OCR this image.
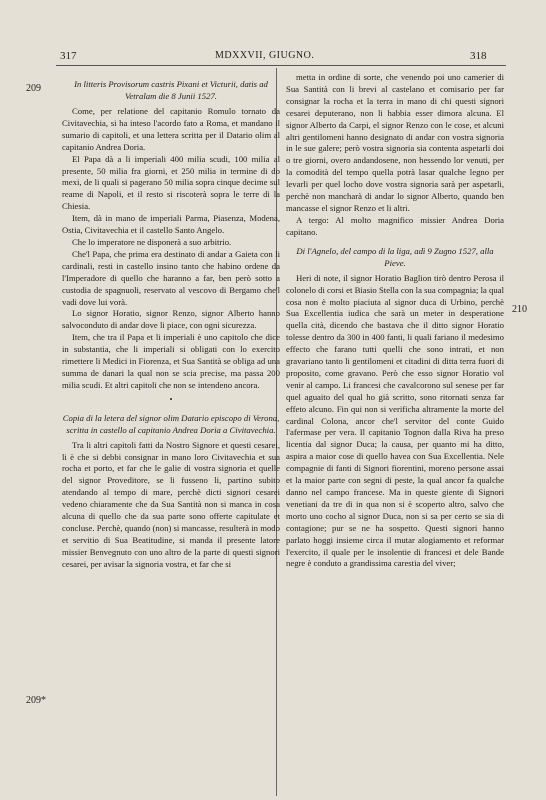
317	MDXXVII, GIUGNO.	318
209
209*
210

In litteris Provisorum castris Pixani et Victurii, datis ad Vetralam die 8 Junii 1527.

Come, per relatione del capitanio Romulo tornato da Civitavechia, si ha inteso l'acordo fato a Roma, et mandano il sumario di capitoli, et una lettera scritta per il Datario olim al capitanio Andrea Doria.

El Papa dà a li imperiali 400 milia scudi, 100 milia al presente, 50 milia fra giorni, et 250 milia in termine di do mexi, de li quali si pagerano 50 milia sopra cinque decime sul reame di Napoli, et il resto si riscoterà sopra le terre di la Chiesia.

Item, dà in mano de imperiali Parma, Piasenza, Modena, Ostia, Civitavechia et il castello Santo Angelo.

Che lo imperatore ne disponerà a suo arbitrio.

Che'l Papa, che prima era destinato di andar a Gaieta con li cardinali, resti in castello insino tanto che habino ordene da l'Imperadore di quello che haranno a far, ben però sotto a custodia de spagnuoli, reservato al vescovo di Bergamo che'l vadi dove lui vorà.

Lo signor Horatio, signor Renzo, signor Alberto hanno salvoconduto di andar dove li piace, con ogni sicurezza.

Item, che tra il Papa et li imperiali è uno capitolo che dice in substantia, che li imperiali si obligati con lo exercito rimettere li Medici in Fiorenza, et Sua Santità se obliga ad una summa de danari la qual non se scia precise, ma passa 200 milia scudi. Et altri capitoli che non se intendeno ancora.

•

Copia di la letera del signor olim Datario episcopo di Verona, scritta in castello al capitanio Andrea Doria a Civitavechia.

Tra li altri capitoli fatti da Nostro Signore et questi cesarei, li è che si debbi consignar in mano loro Civitavechia et sua rocha et porto, et far che le galie di vostra signoria et quelle del signor Proveditore, se li fusseno li, partino subito atendando al tempo di mare, perchè dicti signori cesarei vedeno chiaramente che da Sua Santità non si manca in cosa alcuna di quello che da sua parte sono offerte capitulate et concluse. Perchè, quando (non) si mancasse, resulterà in modo et servitio di Sua Beatitudine, si manda il presente latore missier Benvegnuto con uno altro de la parte di questi signori cesarei, per avisar la signoria vostra, et far che si

metta in ordine di sorte, che venendo poi uno camerier di Sua Santità con li brevi al castelano et comisario per far consignar la rocha et la terra in mano di chi questi signori cesarei deputerano, non li habbia esser dimora alcuna. El signor Alberto da Carpi, el signor Renzo con le cose, et alcuni altri gentilomeni hanno designato di andar con vostra signoria in le sue galere; però vostra signoria sia contenta aspetarli doi o tre giorni, overo andandosene, non hessendo lor venuti, per la comodità del tempo quella potrà lasar qualche legno per levarli per quel locho dove vostra signoria sarà per aspetarli, perchè non mancharà di andar lo signor Alberto, quando ben mancasse el signor Renzo et li altri.

A tergo: Al molto magnifico missier Andrea Doria capitano.

Di l'Agnelo, del campo di la liga, adì 9 Zugno 1527, alla Pieve.

Heri di note, il signor Horatio Baglion tirò dentro Perosa il colonelo di corsi et Biasio Stella con la sua compagnia; la qual cosa non è molto piaciuta al signor duca di Urbino, perchè Sua Excellentia iudica che sarà un meter in desperatione quella cità, dicendo che bastava che il ditto signor Horatio tolesse dentro da 300 in 400 fanti, li quali fariano il medesimo effecto che farano tutti quelli che sono intrati, et non gravariano tanto li gentilomeni et citadini di ditta terra fuori di proposito, come gravano. Però che esso signor Horatio vol venir al campo. Li francesi che cavalcorono sul senese per far quel aguaito del qual ho già scritto, sono ritornati senza far effeto alcuno. Fin qui non si verificha altramente la morte del cardinal Colona, ancor che'l servitor del conte Guido l'afermase per vera. Il capitanio Tognon dalla Riva ha preso licentia dal signor Duca; la causa, per quanto mi ha ditto, aspira a maior cose di quello havea con Sua Excellentia. Nele compagnie di fanti di Signori fiorentini, moreno persone assai et la maior parte con segni di peste, la qual ancor fa qualche danno nel campo francese. Ma in queste giente di Signori venetiani da tre di in qua non si è scoperto altro, salvo che morto uno cocho al signor Duca, non si sa per certo se sia di contagione; pur se ne ha sospetto. Questi signori hanno parlato hoggi insieme circa il mutar alogiamento et reformar l'exercito, il quale per le insolentie di francesi et dele Bande negre è conduto a grandissima carestia del viver;
